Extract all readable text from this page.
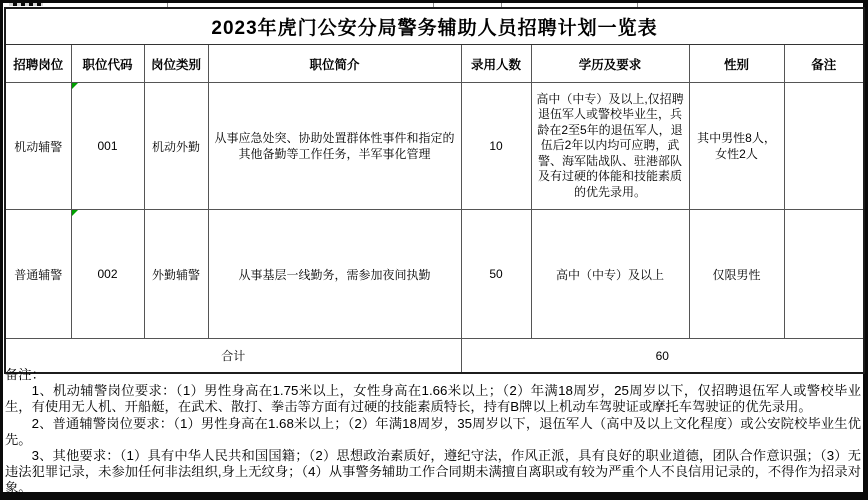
2023年虎门公安分局警务辅助人员招聘计划一览表							
招聘岗位	职位代码	岗位类别	职位简介	录用人数	学历及要求	性别	备注
机动辅警	001	机动外勤	从事应急处突、协助处置群体性事件和指定的其他备勤等工作任务，半军事化管理	10	高中（中专）及以上,仅招聘退伍军人或警校毕业生，兵龄在2至5年的退伍军人，退伍后2年以内均可应聘，武警、海军陆战队、驻港部队及有过硬的体能和技能素质的优先录用。	其中男性8人，女性2人	
普通辅警	002	外勤辅警	从事基层一线勤务，需参加夜间执勤	50	高中（中专）及以上	仅限男性	
合计				60			
备注：

1、机动辅警岗位要求：（1）男性身高在1.75米以上，女性身高在1.66米以上；（2）年满18周岁，25周岁以下，仅招聘退伍军人或警校毕业生，有使用无人机、开船艇，在武术、散打、拳击等方面有过硬的技能素质特长，持有B牌以上机动车驾驶证或摩托车驾驶证的优先录用。

2、普通辅警岗位要求：（1）男性身高在1.68米以上；（2）年满18周岁，35周岁以下，退伍军人（高中及以上文化程度）或公安院校毕业生优先。

3、其他要求：（1）具有中华人民共和国国籍；（2）思想政治素质好，遵纪守法，作风正派，具有良好的职业道德，团队合作意识强；（3）无违法犯罪记录，未参加任何非法组织,身上无纹身；（4）从事警务辅助工作合同期未满擅自离职或有较为严重个人不良信用记录的，不得作为招录对象。
